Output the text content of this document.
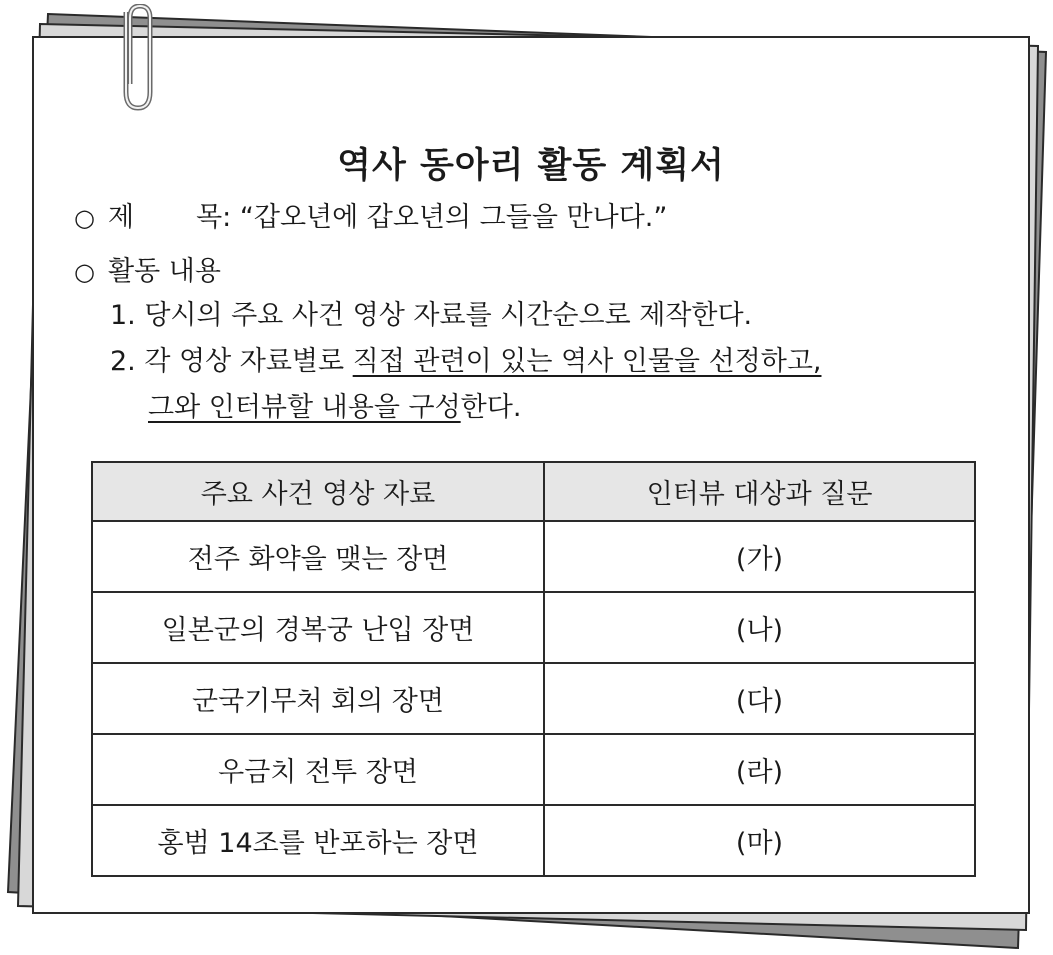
역사 동아리 활동 계획서
○ 제 목: “갑오년에 갑오년의 그들을 만나다.”
○ 활동 내용
1. 당시의 주요 사건 영상 자료를 시간순으로 제작한다.
2. 각 영상 자료별로 직접 관련이 있는 역사 인물을 선정하고,
그와 인터뷰할 내용을 구성한다.
주요 사건 영상 자료	인터뷰 대상과 질문
전주 화약을 맺는 장면	(가)
일본군의 경복궁 난입 장면	(나)
군국기무처 회의 장면	(다)
우금치 전투 장면	(라)
홍범 14조를 반포하는 장면	(마)
